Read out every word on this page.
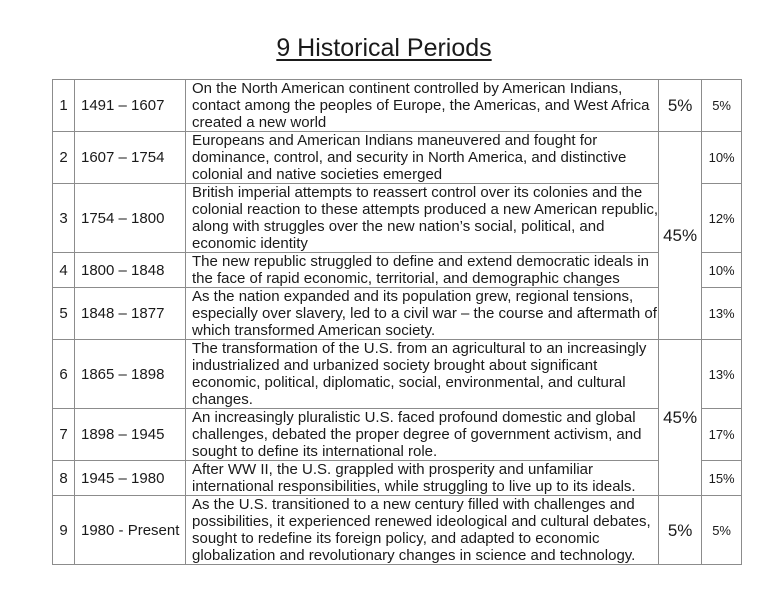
9 Historical Periods
1	1491 – 1607	On the North American continent controlled by American Indians,
contact among the peoples of Europe, the Americas, and West Africa
created a new world	5%	5%
2	1607 – 1754	Europeans and American Indians maneuvered and fought for
dominance, control, and security in North America, and distinctive
colonial and native societies emerged	45%	10%
3	1754 – 1800	British imperial attempts to reassert control over its colonies and the
colonial reaction to these attempts produced a new American republic,
along with struggles over the new nation’s social, political, and
economic identity		12%
4	1800 – 1848	The new republic struggled to define and extend democratic ideals in
the face of rapid economic, territorial, and demographic changes		10%
5	1848 – 1877	As the nation expanded and its population grew, regional tensions,
especially over slavery, led to a civil war – the course and aftermath of
which transformed American society.		13%
6	1865 – 1898	The transformation of the U.S. from an agricultural to an increasingly
industrialized and urbanized society brought about significant
economic, political, diplomatic, social, environmental, and cultural
changes.	45%	13%
7	1898 – 1945	An increasingly pluralistic U.S. faced profound domestic and global
challenges, debated the proper degree of government activism, and
sought to define its international role.		17%
8	1945 – 1980	After WW II, the U.S. grappled with prosperity and unfamiliar
international responsibilities, while struggling to live up to its ideals.		15%
9	1980 - Present	As the U.S. transitioned to a new century filled with challenges and
possibilities, it experienced renewed ideological and cultural debates,
sought to redefine its foreign policy, and adapted to economic
globalization and revolutionary changes in science and technology.	5%	5%
